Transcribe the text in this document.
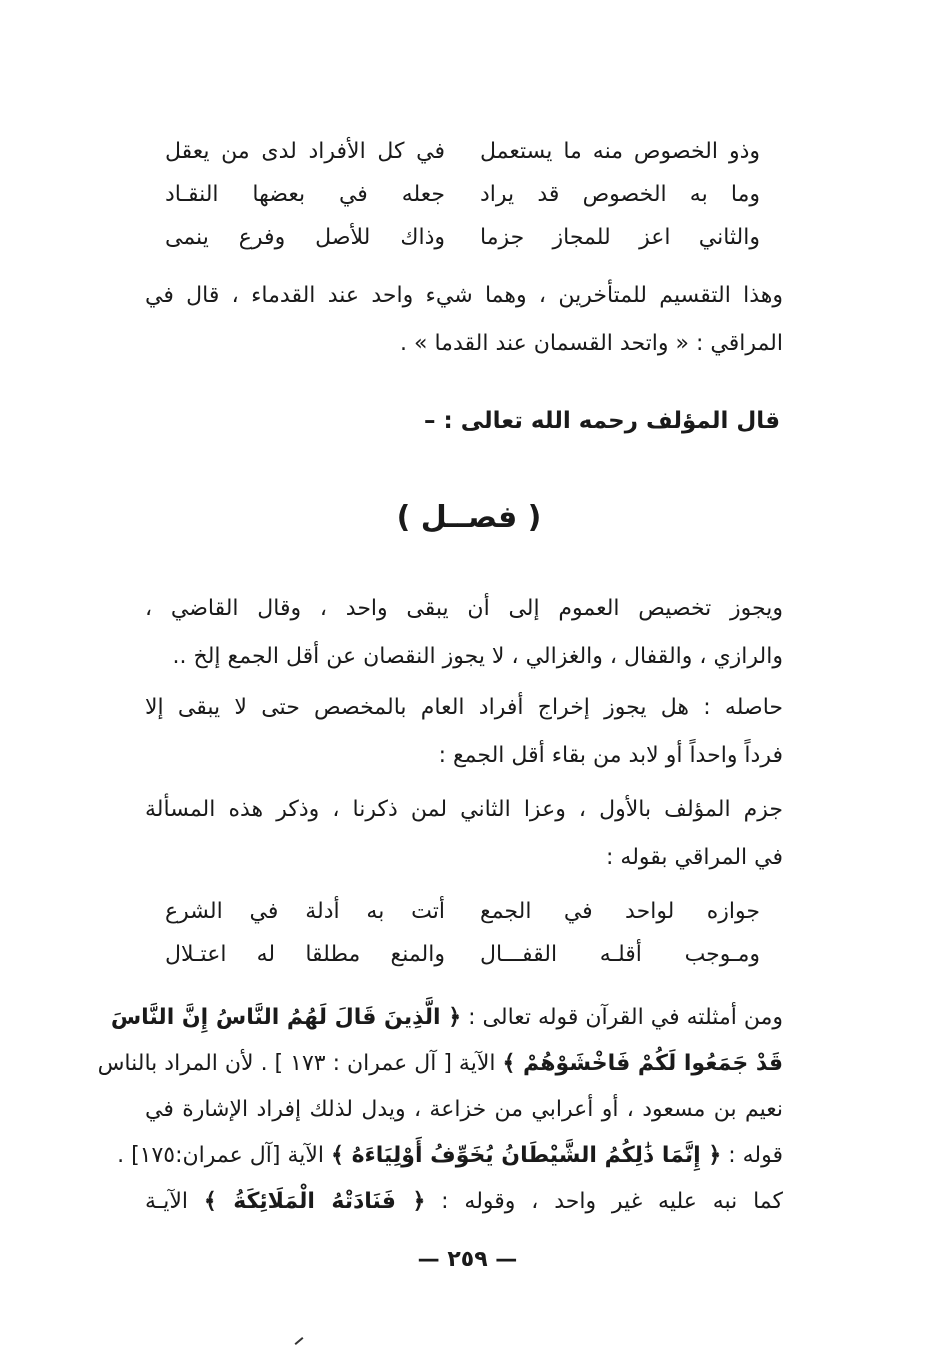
وذو الخصوص منه ما يستعمل
في كل الأفراد لدى من يعقل
وما به الخصوص قد يراد
جعله في بعضها النقـاد
والثاني اعز للمجاز جزما
وذاك للأصل وفرع ينمى
وهذا التقسيم للمتأخرين ، وهما شيء واحد عند القدماء ، قال في
المراقي : « واتحد القسمان عند القدما » .
قال المؤلف رحمه الله تعالى : –
( فصــل )
ويجوز تخصيص العموم إلى أن يبقى واحد ، وقال القاضي ،
والرازي ، والقفال ، والغزالي ، لا يجوز النقصان عن أقل الجمع إلخ ..
حاصله : هل يجوز إخراج أفراد العام بالمخصص حتى لا يبقى إلا
فرداً واحداً أو لابد من بقاء أقل الجمع :
جزم المؤلف بالأول ، وعزا الثاني لمن ذكرنا ، وذكر هذه المسألة
في المراقي بقوله :
جوازه لواحد في الجمع
أتت به أدلة في الشرع
ومـوجب أقلـه القفـــال
والمنع مطلقا له اعتـلال
ومن أمثلته في القرآن قوله تعالى : ﴿ الَّذِينَ قَالَ لَهُمُ النَّاسُ إِنَّ النَّاسَ
قَدْ جَمَعُوا لَكُمْ فَاخْشَوْهُمْ ﴾ الآية [ آل عمران : ١٧٣ ] . لأن المراد بالناس
نعيم بن مسعود ، أو أعرابي من خزاعة ، ويدل لذلك إفراد الإشارة في
قوله : ﴿ إِنَّمَا ذَٰلِكُمُ الشَّيْطَانُ يُخَوِّفُ أَوْلِيَاءَهُ ﴾ الآية [آل عمران:١٧٥] .
كما نبه عليه غير واحد ، وقوله : ﴿ فَنَادَتْهُ الْمَلَائِكَةُ ﴾ الآيـة
— ٢٥٩ —
